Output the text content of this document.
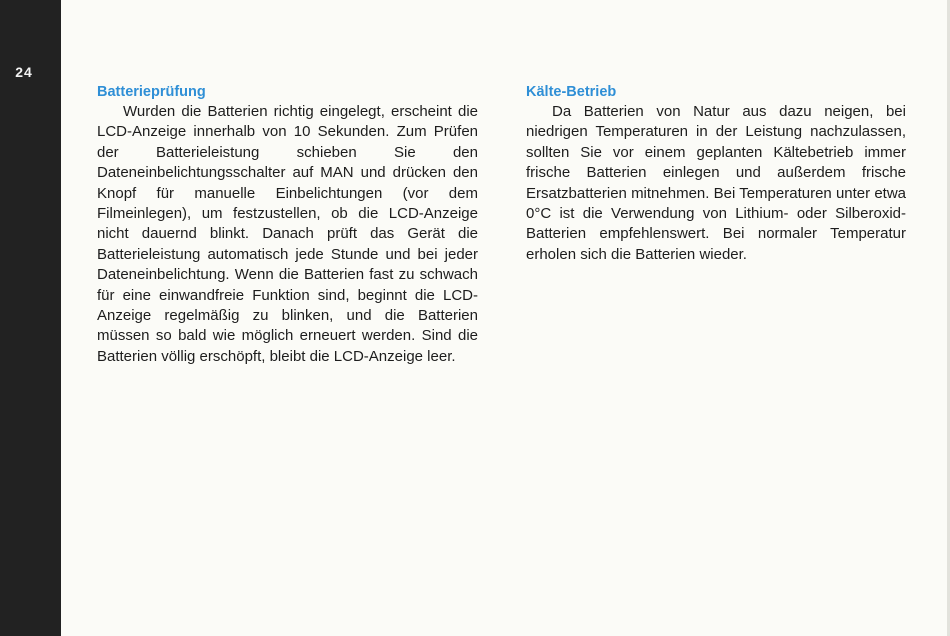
24
Batterieprüfung

Wurden die Batterien richtig eingelegt, erscheint die LCD-Anzeige innerhalb von 10 Sekunden. Zum Prüfen der Batterieleistung schieben Sie den Dateneinbelichtungsschalter auf MAN und drücken den Knopf für manuelle Einbelichtungen (vor dem Filmeinlegen), um festzustellen, ob die LCD-Anzeige nicht dauernd blinkt. Danach prüft das Gerät die Batterieleistung automatisch jede Stunde und bei jeder Dateneinbelichtung. Wenn die Batterien fast zu schwach für eine einwandfreie Funktion sind, beginnt die LCD-Anzeige regelmäßig zu blinken, und die Batterien müssen so bald wie möglich erneuert werden. Sind die Batterien völlig erschöpft, bleibt die LCD-Anzeige leer.

Kälte-Betrieb

Da Batterien von Natur aus dazu neigen, bei niedrigen Temperaturen in der Leistung nachzulassen, sollten Sie vor einem geplanten Kältebetrieb immer frische Batterien einlegen und außerdem frische Ersatzbatterien mitnehmen. Bei Temperaturen unter etwa 0°C ist die Verwendung von Lithium- oder Silberoxid-Batterien empfehlenswert. Bei normaler Temperatur erholen sich die Batterien wieder.
